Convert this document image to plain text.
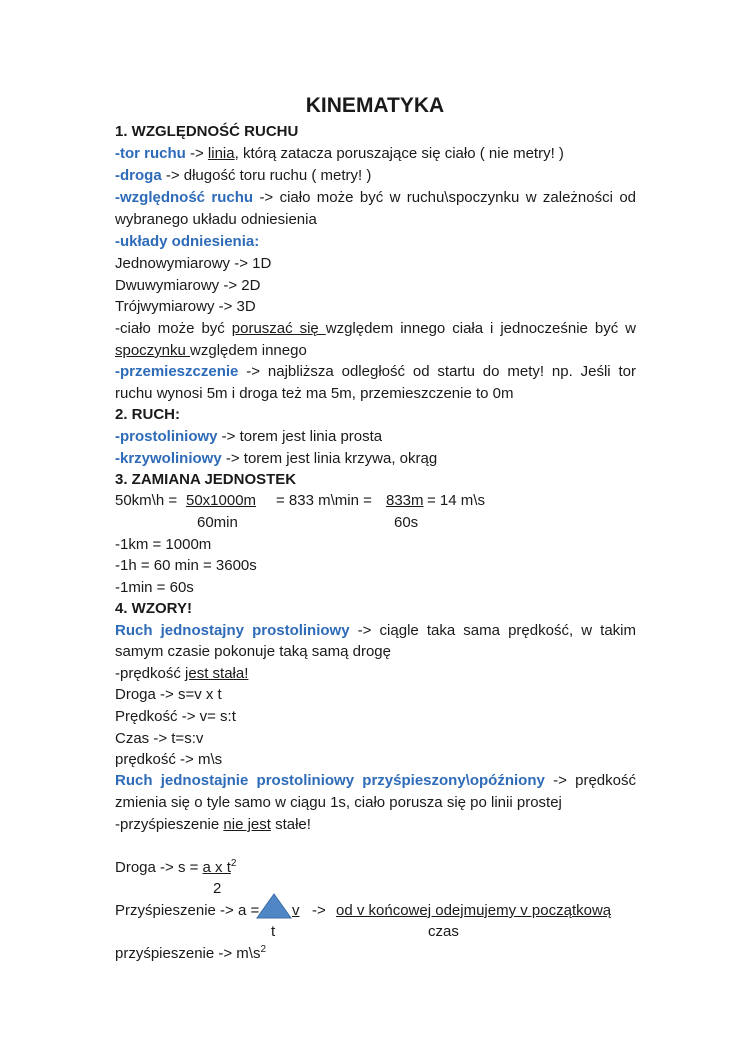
KINEMATYKA
1. WZGLĘDNOŚĆ RUCHU
-tor ruchu -> linia, którą zatacza poruszające się ciało ( nie metry! )
-droga -> długość toru ruchu ( metry! )
-względność ruchu -> ciało może być w ruchu\spoczynku w zależności od
wybranego układu odniesienia
-układy odniesienia:
Jednowymiarowy -> 1D
Dwuwymiarowy -> 2D
Trójwymiarowy -> 3D
-ciało może być poruszać się względem innego ciała i jednocześnie być w
spoczynku względem innego
-przemieszczenie -> najbliższa odległość od startu do mety! np. Jeśli tor
ruchu wynosi 5m i droga też ma 5m, przemieszczenie to 0m
2. RUCH:
-prostoliniowy -> torem jest linia prosta
-krzywoliniowy -> torem jest linia krzywa, okrąg
3. ZAMIANA JEDNOSTEK
50km\h = 50x1000m = 833 m\min = 833m = 14 m\s
60min	60s
-1km = 1000m
-1h = 60 min = 3600s
-1min = 60s
4. WZORY!
Ruch jednostajny prostoliniowy -> ciągle taka sama prędkość, w takim
samym czasie pokonuje taką samą drogę
-prędkość jest stała!
Droga -> s=v x t
Prędkość -> v= s:t
Czas -> t=s:v
prędkość -> m\s
Ruch jednostajnie prostoliniowy przyśpieszony\opóźniony -> prędkość
zmienia się o tyle samo w ciągu 1s, ciało porusza się po linii prostej
-przyśpieszenie nie jest stałe!
Droga -> s = a x $t^2$
2
Przyśpieszenie -> a = v -> od v końcowej odejmujemy v początkową
t	czas
przyśpieszenie -> $m\backslash s^2$
